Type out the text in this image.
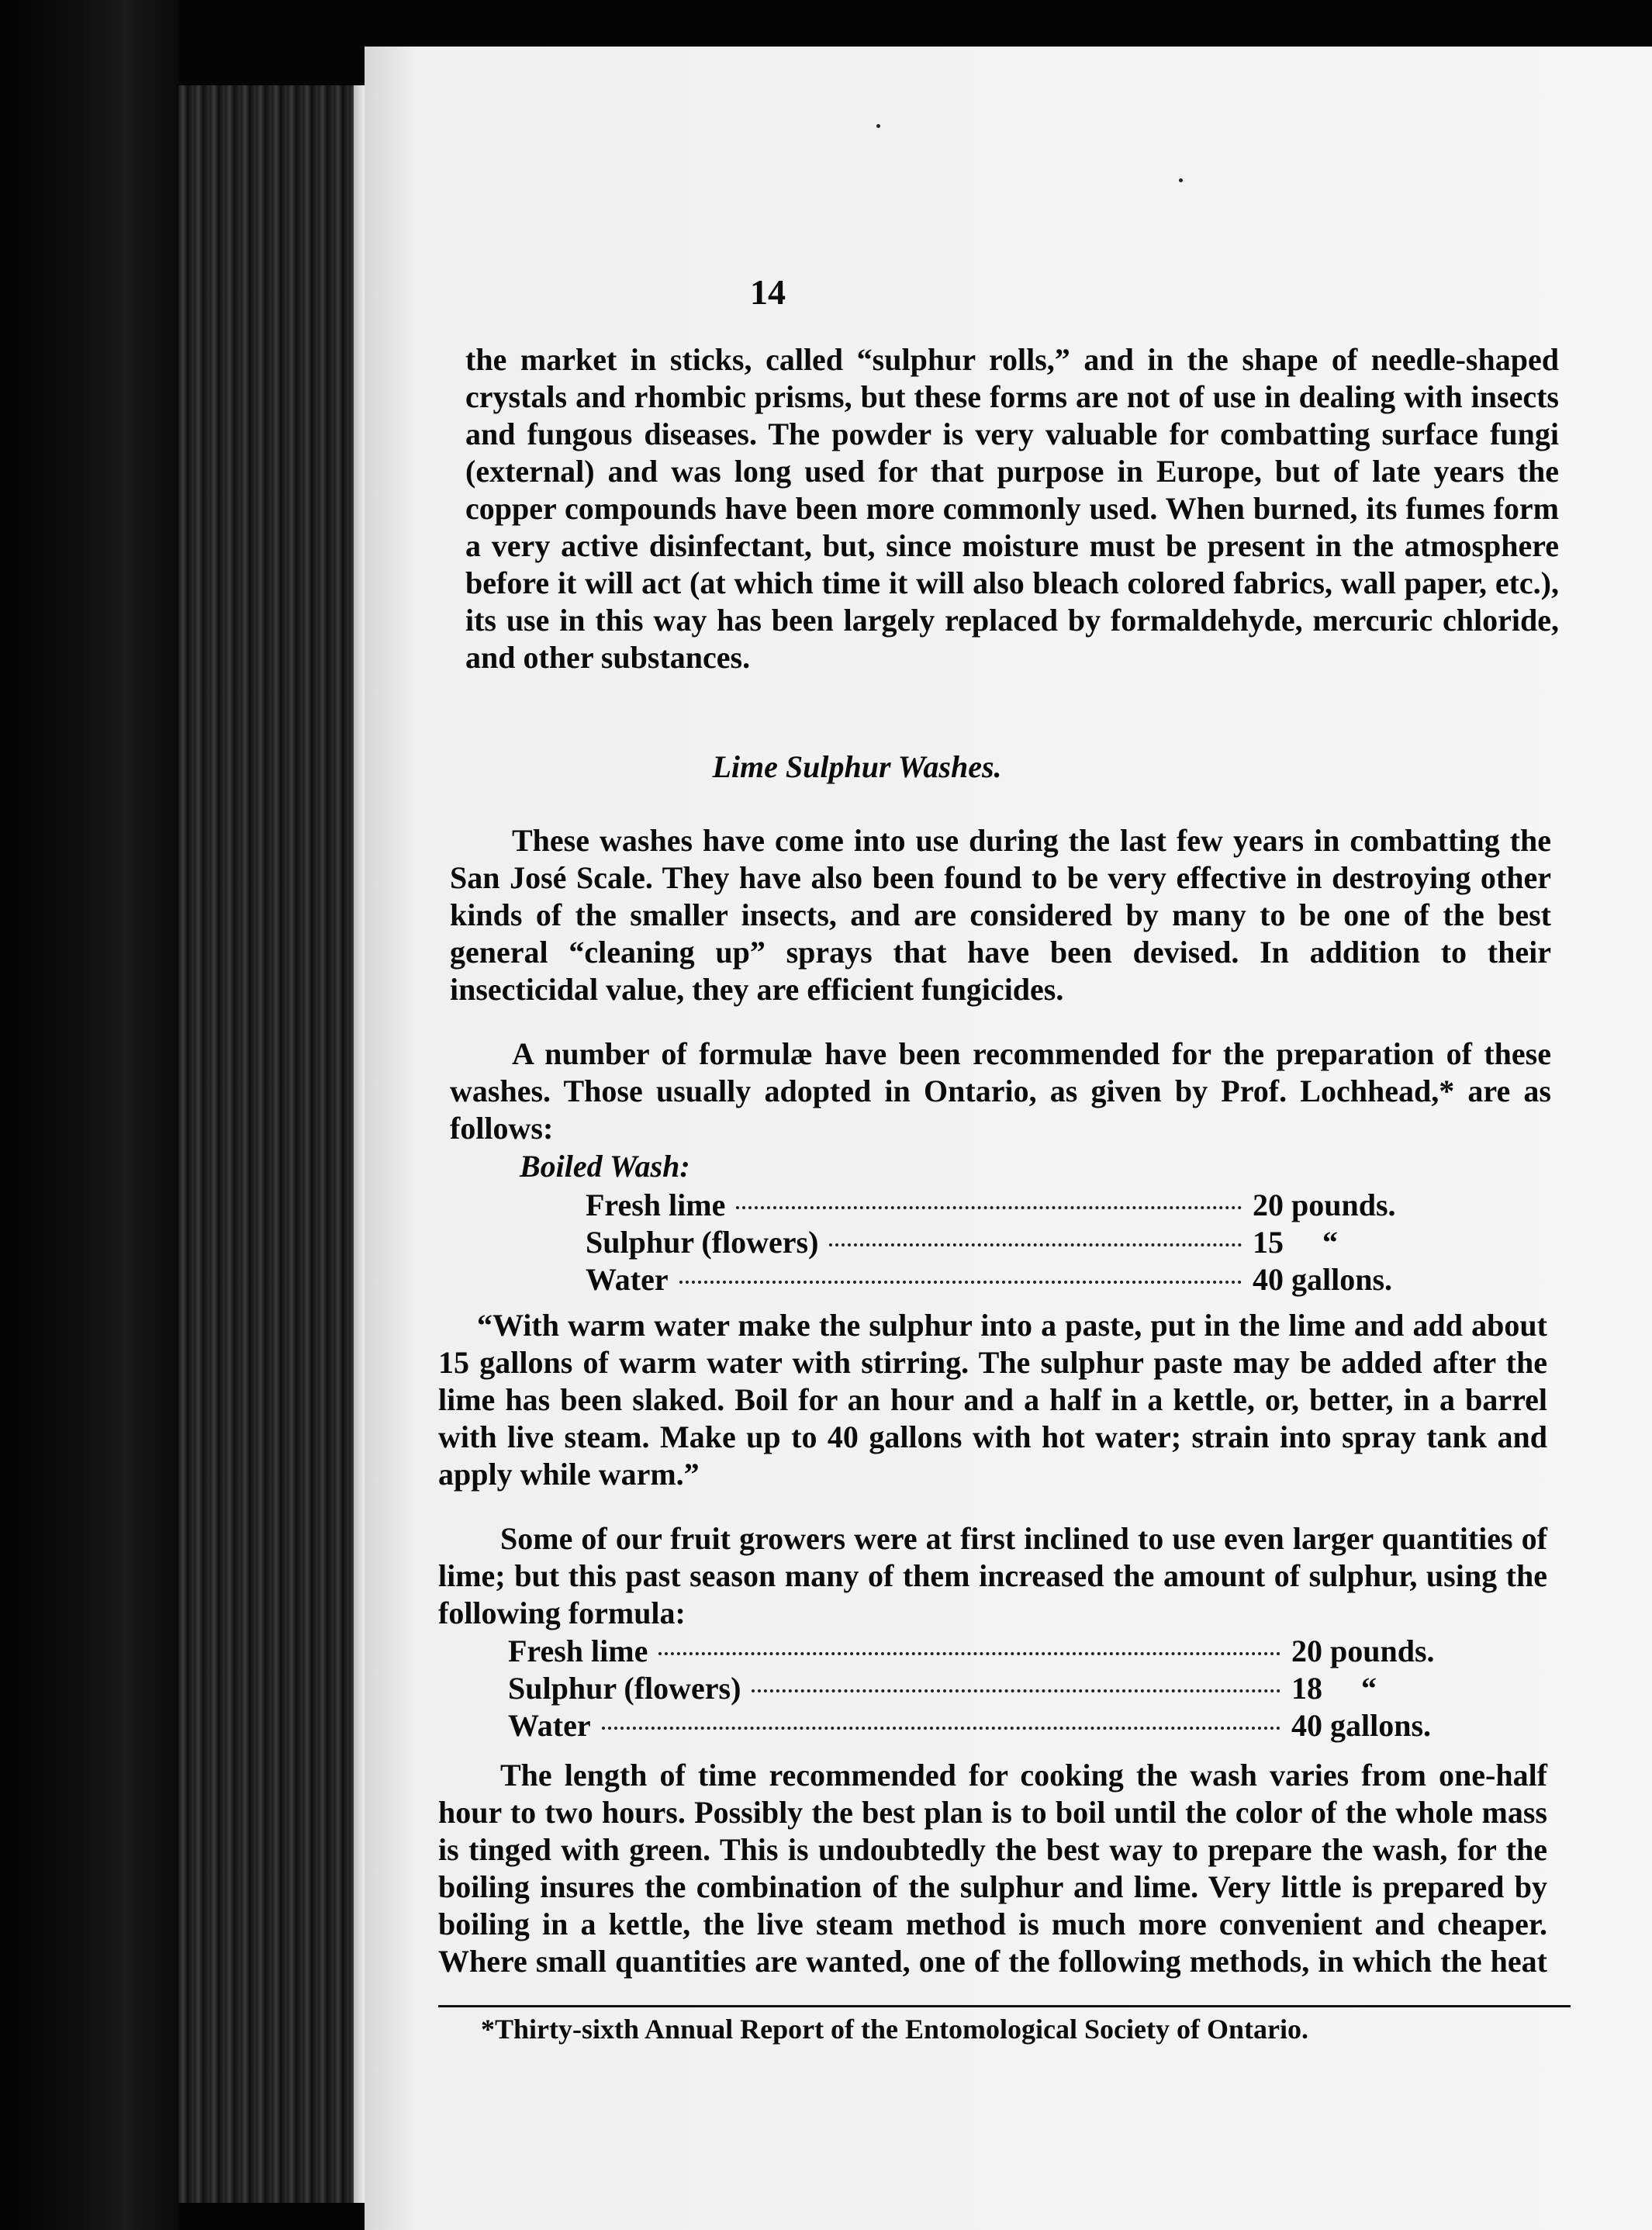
14

the market in sticks, called “sulphur rolls,” and in the shape of needle-shaped crystals and rhombic prisms, but these forms are not of use in dealing with insects and fungous diseases. The powder is very valuable for combatting surface fungi (external) and was long used for that purpose in Europe, but of late years the copper compounds have been more commonly used. When burned, its fumes form a very active disinfectant, but, since moisture must be present in the atmosphere before it will act (at which time it will also bleach colored fabrics, wall paper, etc.), its use in this way has been largely replaced by formaldehyde, mercuric chloride, and other substances.

Lime Sulphur Washes.

These washes have come into use during the last few years in combatting the San José Scale. They have also been found to be very effective in destroying other kinds of the smaller insects, and are considered by many to be one of the best general “cleaning up” sprays that have been devised. In addition to their insecticidal value, they are efficient fungicides.

A number of formulæ have been recommended for the preparation of these washes. Those usually adopted in Ontario, as given by Prof. Lochhead,* are as follows:

Boiled Wash:
Fresh lime	20 pounds.
Sulphur (flowers)	15     “
Water	40 gallons.

“With warm water make the sulphur into a paste, put in the lime and add about 15 gallons of warm water with stirring. The sulphur paste may be added after the lime has been slaked. Boil for an hour and a half in a kettle, or, better, in a barrel with live steam. Make up to 40 gallons with hot water; strain into spray tank and apply while warm.”

Some of our fruit growers were at first inclined to use even larger quantities of lime; but this past season many of them increased the amount of sulphur, using the following formula:

Fresh lime	20 pounds.
Sulphur (flowers)	18     “
Water	40 gallons.

The length of time recommended for cooking the wash varies from one-half hour to two hours. Possibly the best plan is to boil until the color of the whole mass is tinged with green. This is undoubtedly the best way to prepare the wash, for the boiling insures the combination of the sulphur and lime. Very little is prepared by boiling in a kettle, the live steam method is much more convenient and cheaper. Where small quantities are wanted, one of the following methods, in which the heat

*Thirty-sixth Annual Report of the Entomological Society of Ontario.
